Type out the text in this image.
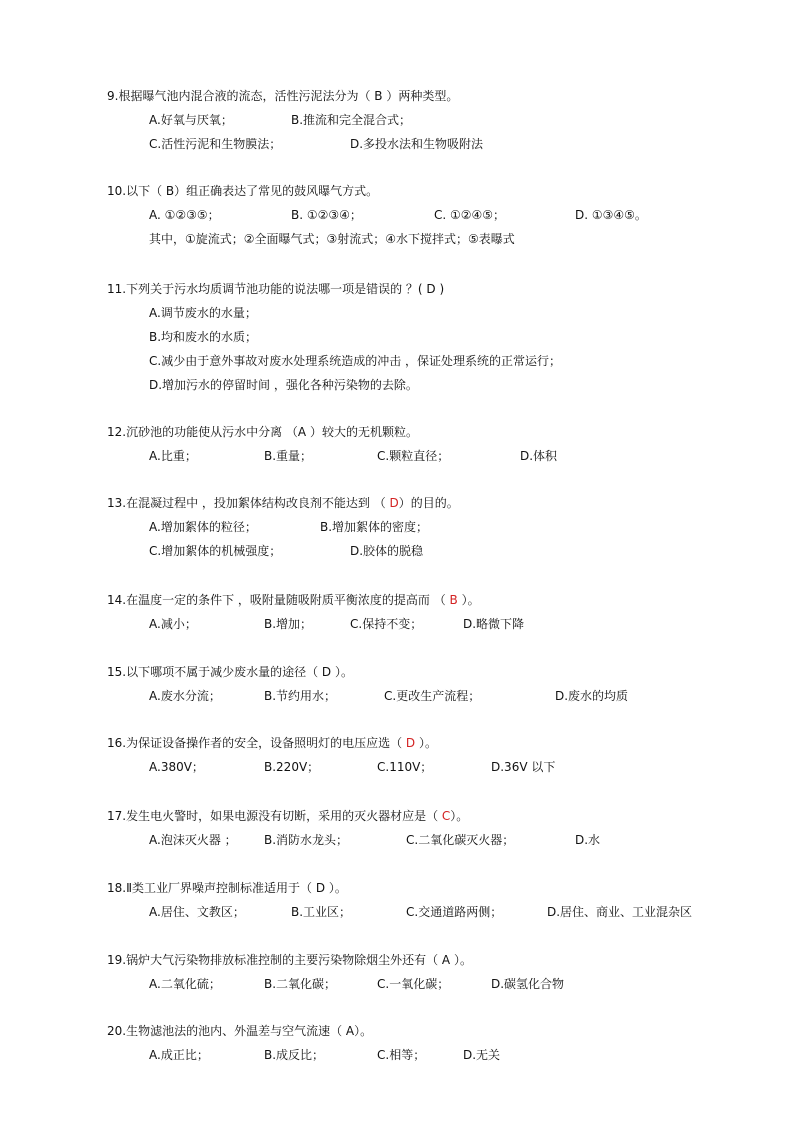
9.根据曝气池内混合液的流态，活性污泥法分为（ B ）两种类型。
A.好氧与厌氧；	B.推流和完全混合式；
C.活性污泥和生物膜法；	D.多投水法和生物吸附法
10.以下（ B）组正确表达了常见的鼓风曝气方式。
A. ①②③⑤；	B. ①②③④；	C. ①②④⑤；	D. ①③④⑤。
其中，①旋流式；②全面曝气式；③射流式；④水下搅拌式；⑤表曝式
11.下列关于污水均质调节池功能的说法哪一项是错误的 ？( D )
A.调节废水的水量；
B.均和废水的水质；
C.减少由于意外事故对废水处理系统造成的冲击 ，保证处理系统的正常运行；
D.增加污水的停留时间 ，强化各种污染物的去除。
12.沉砂池的功能使从污水中分离 （A ）较大的无机颗粒。
A.比重；	B.重量；	C.颗粒直径；	D.体积
13.在混凝过程中 ，投加絮体结构改良剂不能达到 （ D）的目的。
A.增加絮体的粒径；	B.增加絮体的密度；
C.增加絮体的机械强度；	D.胶体的脱稳
14.在温度一定的条件下 ，吸附量随吸附质平衡浓度的提高而 （ B ）。
A.减小；	B.增加；	C.保持不变；	D.略微下降
15.以下哪项不属于减少废水量的途径（ D ）。
A.废水分流；	B.节约用水；	C.更改生产流程；	D.废水的均质
16.为保证设备操作者的安全，设备照明灯的电压应选（ D ）。
A.380V；	B.220V；	C.110V；	D.36V 以下
17.发生电火警时，如果电源没有切断，采用的灭火器材应是（ C）。
A.泡沫灭火器 ； B.消防水龙头；	C.二氧化碳灭火器；	D.水
18.Ⅱ类工业厂界噪声控制标准适用于（ D ）。
A.居住、文教区；	B.工业区；	C.交通道路两侧；	D.居住、商业、工业混杂区
19.锅炉大气污染物排放标准控制的主要污染物除烟尘外还有（ A ）。
A.二氧化硫；	B.二氧化碳；	C.一氧化碳；	D.碳氢化合物
20.生物滤池法的池内、外温差与空气流速（ A）。
A.成正比；	B.成反比；	C.相等；	D.无关
